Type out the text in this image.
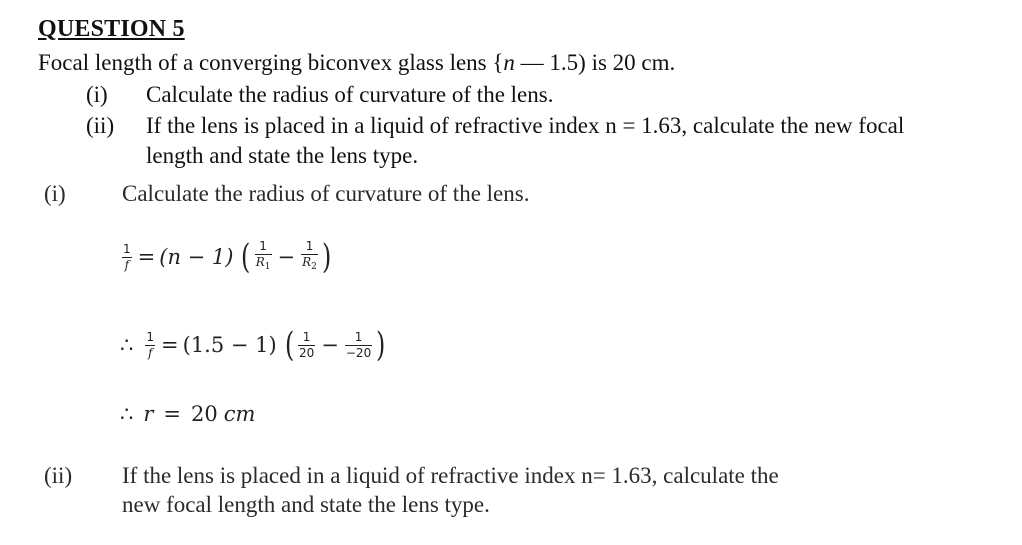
QUESTION 5
Focal length of a converging biconvex glass lens {n — 1.5) is 20 cm.
(i) Calculate the radius of curvature of the lens.
(ii) If the lens is placed in a liquid of refractive index n = 1.63, calculate the new focal
length and state the lens type.
(i) Calculate the radius of curvature of the lens.
$\frac{1}{f} = (n - 1)$ ( $\frac{1}{R_1} - \frac{1}{R_2}$ )
∴ $\frac{1}{f} = (1.5 - 1)$ ( $\frac{1}{20} - \frac{1}{-20}$ )
∴ r = 20 cm
(ii) If the lens is placed in a liquid of refractive index n= 1.63, calculate the
new focal length and state the lens type.
